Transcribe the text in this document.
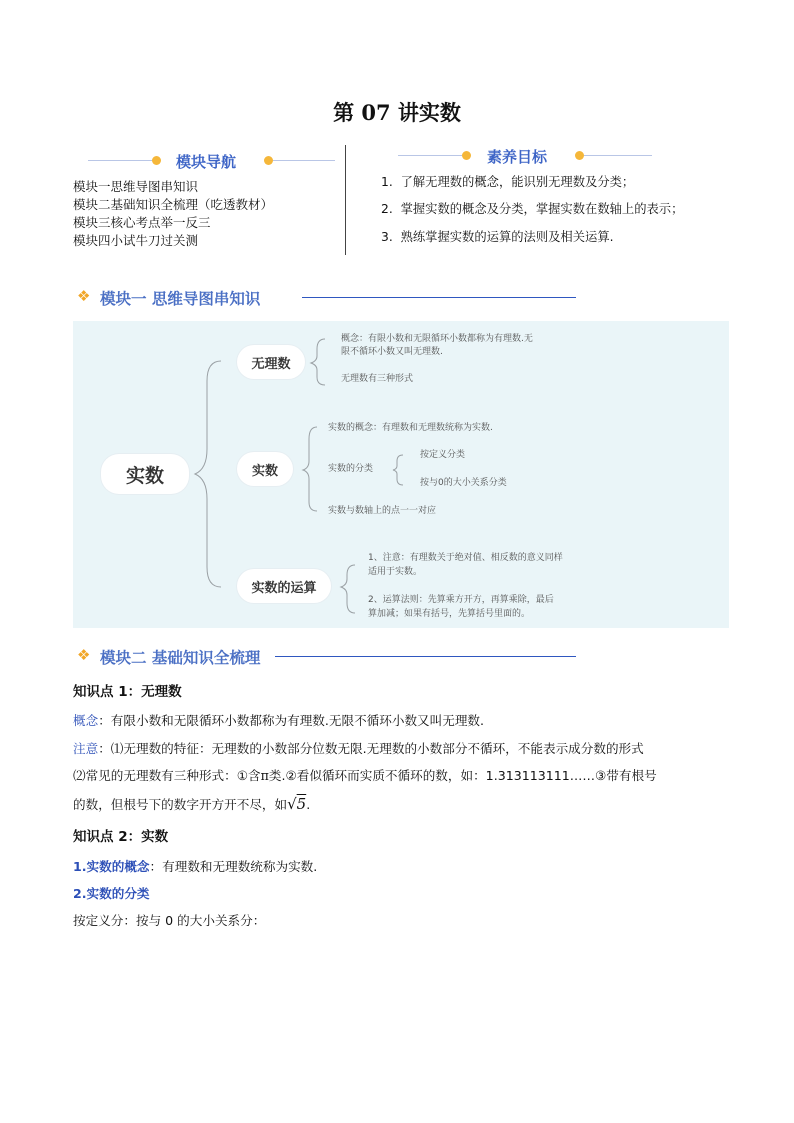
第 07 讲实数
模块导航
模块一思维导图串知识
模块二基础知识全梳理（吃透教材）
模块三核心考点举一反三
模块四小试牛刀过关测
素养目标
1. 了解无理数的概念，能识别无理数及分类；
2. 掌握实数的概念及分类，掌握实数在数轴上的表示；
3. 熟练掌握实数的运算的法则及相关运算.
❖ 模块一 思维导图串知识
实数
无理数
实数
实数的运算
概念：有限小数和无限循环小数都称为有理数.无
限不循环小数又叫无理数.
无理数有三种形式
实数的概念：有理数和无理数统称为实数.
实数的分类
按定义分类
按与0的大小关系分类
实数与数轴上的点一一对应
1、注意：有理数关于绝对值、相反数的意义同样
适用于实数。
2、运算法则：先算乘方开方，再算乘除，最后
算加减；如果有括号，先算括号里面的。
❖ 模块二 基础知识全梳理
知识点 1：无理数
概念：有限小数和无限循环小数都称为有理数.无限不循环小数又叫无理数.
注意：⑴无理数的特征：无理数的小数部分位数无限.无理数的小数部分不循环，不能表示成分数的形式
⑵常见的无理数有三种形式：①含π类.②看似循环而实质不循环的数，如：1.313113111……③带有根号
的数，但根号下的数字开方开不尽，如√5.
知识点 2：实数
1.实数的概念：有理数和无理数统称为实数.
2.实数的分类
按定义分：按与 0 的大小关系分：
